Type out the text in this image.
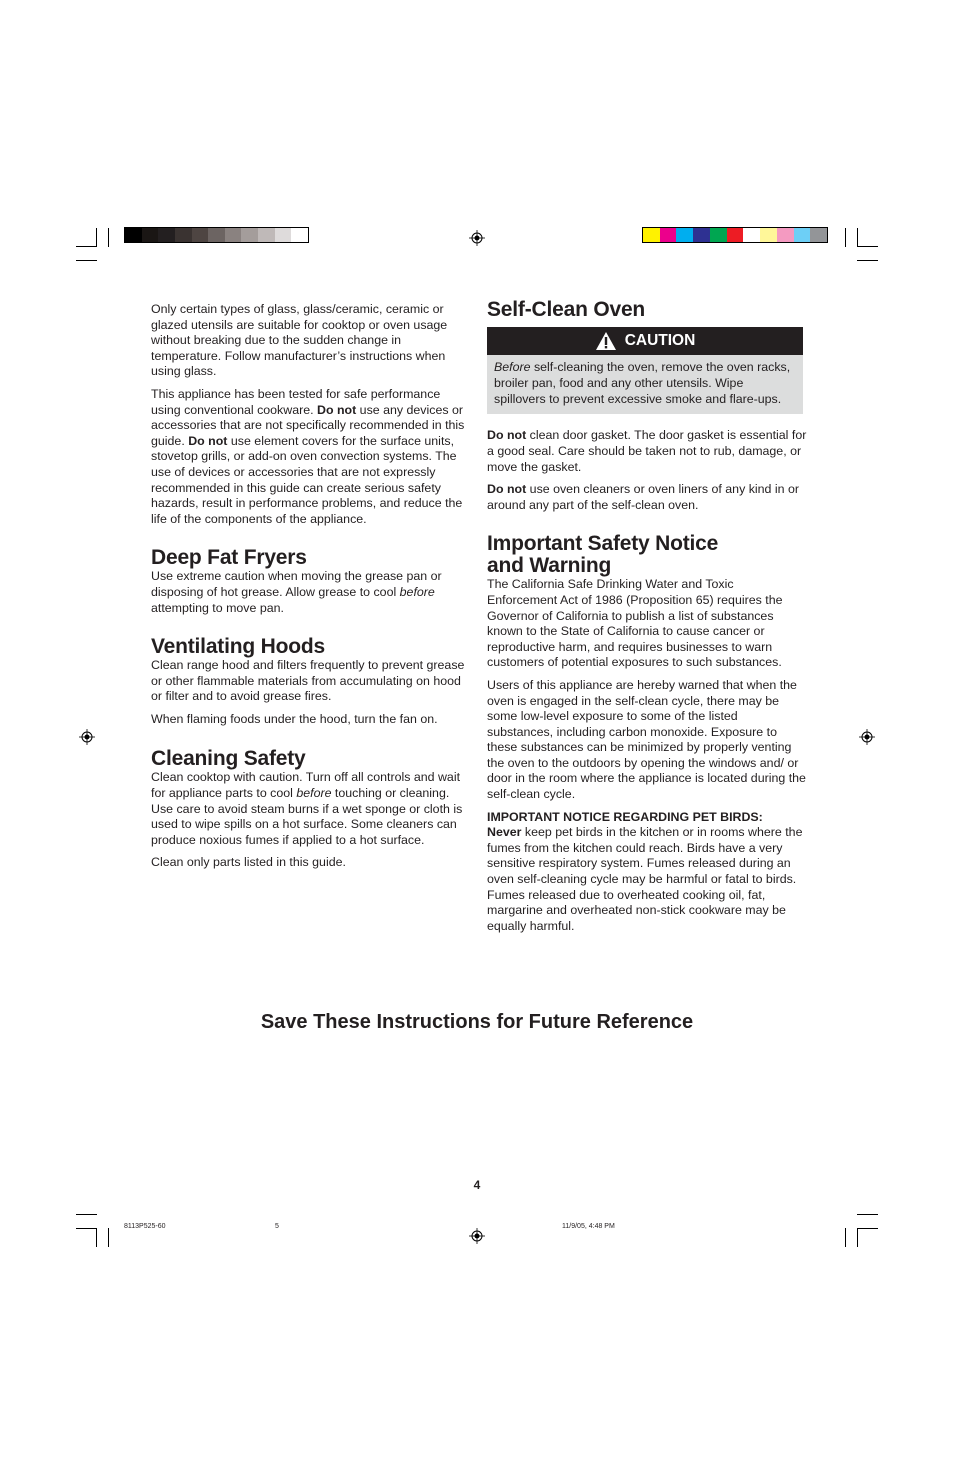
Only certain types of glass, glass/ceramic, ceramic or glazed utensils are suitable for cooktop or oven usage without breaking due to the sudden change in temperature. Follow manufacturer’s instructions when using glass.

This appliance has been tested for safe performance using conventional cookware. Do not use any devices or accessories that are not specifically recommended in this guide. Do not use element covers for the surface units, stovetop grills, or add-on oven convection systems. The use of devices or accessories that are not expressly recommended in this guide can create serious safety hazards, result in performance problems, and reduce the life of the components of the appliance.

Deep Fat Fryers

Use extreme caution when moving the grease pan or disposing of hot grease. Allow grease to cool before attempting to move pan.

Ventilating Hoods

Clean range hood and filters frequently to prevent grease or other flammable materials from accumulating on hood or filter and to avoid grease fires.

When flaming foods under the hood, turn the fan on.

Cleaning Safety

Clean cooktop with caution. Turn off all controls and wait for appliance parts to cool before touching or cleaning. Use care to avoid steam burns if a wet sponge or cloth is used to wipe spills on a hot surface. Some cleaners can produce noxious fumes if applied to a hot surface.

Clean only parts listed in this guide.

Self-Clean Oven
CAUTION
Before self-cleaning the oven, remove the oven racks, broiler pan, food and any other utensils. Wipe spillovers to prevent excessive smoke and flare-ups.

Do not clean door gasket. The door gasket is essential for a good seal. Care should be taken not to rub, damage, or move the gasket.

Do not use oven cleaners or oven liners of any kind in or around any part of the self-clean oven.

Important Safety Notice
and Warning

The California Safe Drinking Water and Toxic Enforcement Act of 1986 (Proposition 65) requires the Governor of California to publish a list of substances known to the State of California to cause cancer or reproductive harm, and requires businesses to warn customers of potential exposures to such substances.

Users of this appliance are hereby warned that when the oven is engaged in the self-clean cycle, there may be some low-level exposure to some of the listed substances, including carbon monoxide. Exposure to these substances can be minimized by properly venting the oven to the outdoors by opening the windows and/ or door in the room where the appliance is located during the self-clean cycle.

IMPORTANT NOTICE REGARDING PET BIRDS:
Never keep pet birds in the kitchen or in rooms where the fumes from the kitchen could reach. Birds have a very sensitive respiratory system. Fumes released during an oven self-cleaning cycle may be harmful or fatal to birds. Fumes released due to overheated cooking oil, fat, margarine and overheated non-stick cookware may be equally harmful.

Save These Instructions for Future Reference
4
8113P525-60	5	11/9/05, 4:48 PM
